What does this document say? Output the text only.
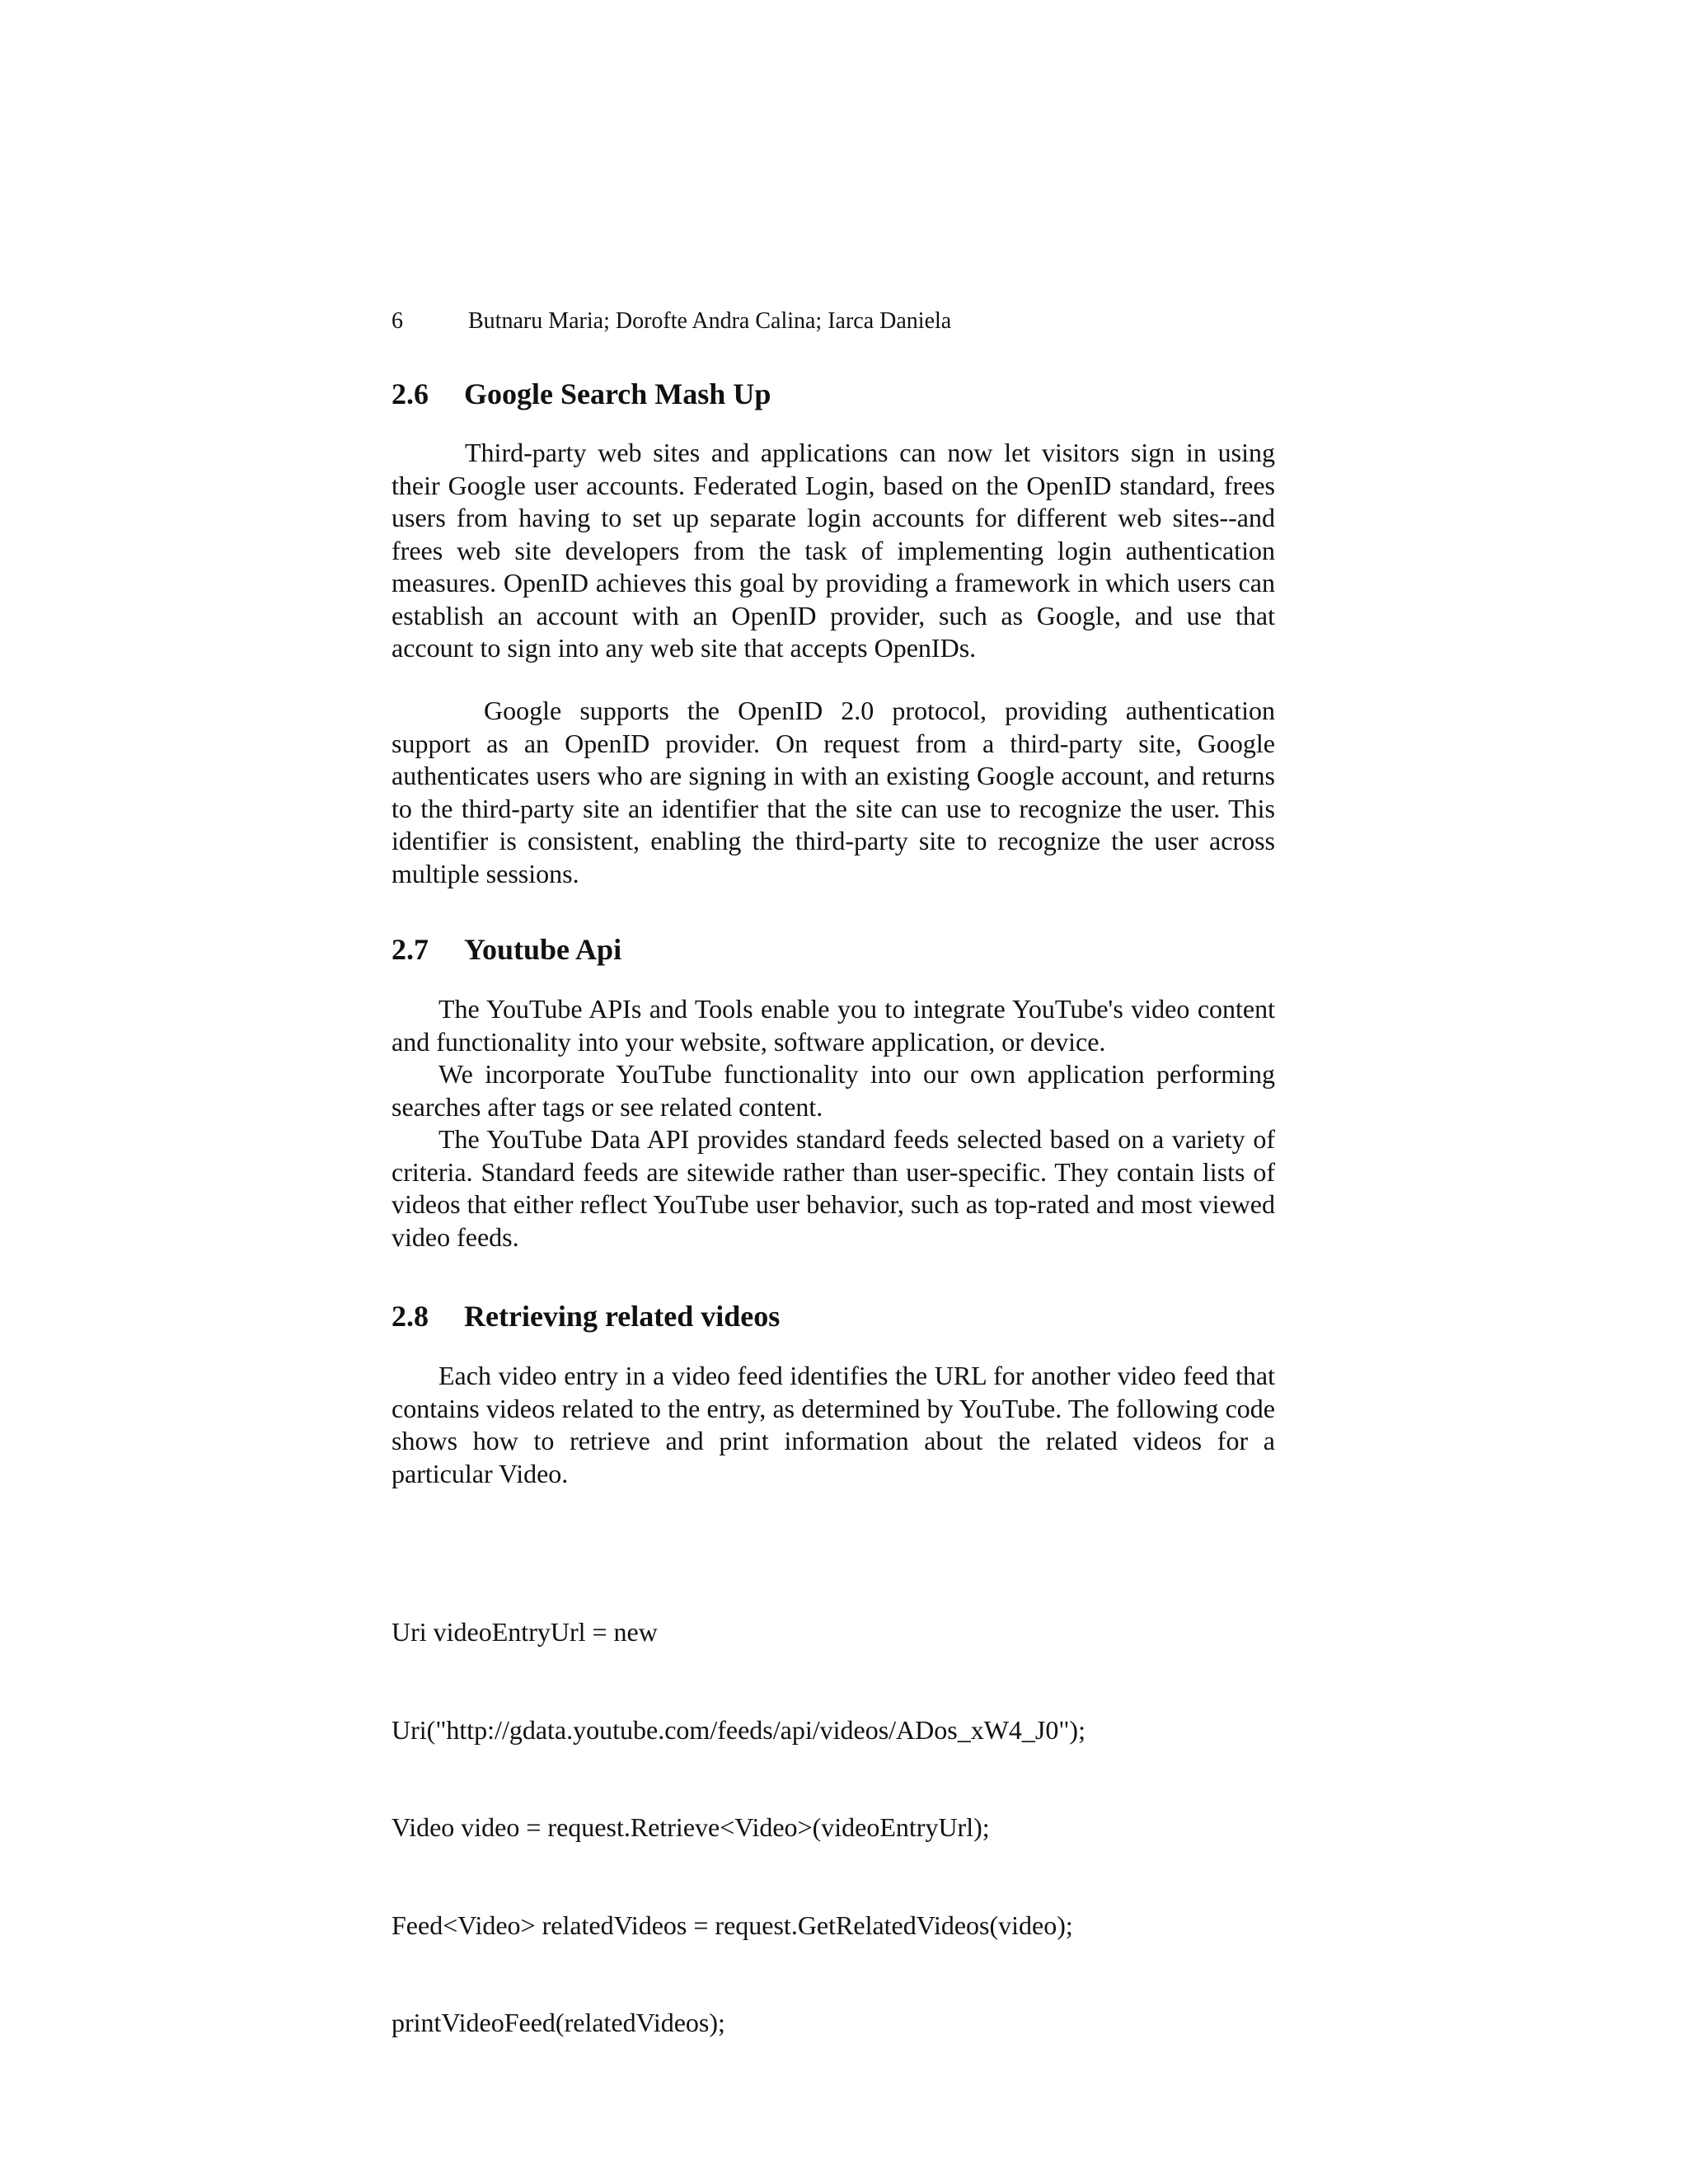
6	Butnaru Maria; Dorofte Andra Calina; Iarca Daniela
2.6 Google Search Mash Up

Third-party web sites and applications can now let visitors sign in using their Google user accounts. Federated Login, based on the OpenID standard, frees users from having to set up separate login accounts for different web sites--and frees web site developers from the task of implementing login authentication measures. OpenID achieves this goal by providing a framework in which users can establish an account with an OpenID provider, such as Google, and use that account to sign into any web site that accepts OpenIDs.

Google supports the OpenID 2.0 protocol, providing authentication support as an OpenID provider. On request from a third-party site, Google authenticates users who are signing in with an existing Google account, and returns to the third-party site an identifier that the site can use to recognize the user. This identifier is consistent, enabling the third-party site to recognize the user across multiple sessions.

2.7 Youtube Api

The YouTube APIs and Tools enable you to integrate YouTube's video content and functionality into your website, software application, or device.

We incorporate YouTube functionality into our own application performing searches after tags or see related content.

The YouTube Data API provides standard feeds selected based on a variety of criteria. Standard feeds are sitewide rather than user-specific. They contain lists of videos that either reflect YouTube user behavior, such as top-rated and most viewed video feeds.

2.8 Retrieving related videos

Each video entry in a video feed identifies the URL for another video feed that contains videos related to the entry, as determined by YouTube. The following code shows how to retrieve and print information about the related videos for a particular Video.

Uri videoEntryUrl = new

Uri("http://gdata.youtube.com/feeds/api/videos/ADos_xW4_J0");

Video video = request.Retrieve<Video>(videoEntryUrl);

Feed<Video> relatedVideos = request.GetRelatedVideos(video);

printVideoFeed(relatedVideos);
